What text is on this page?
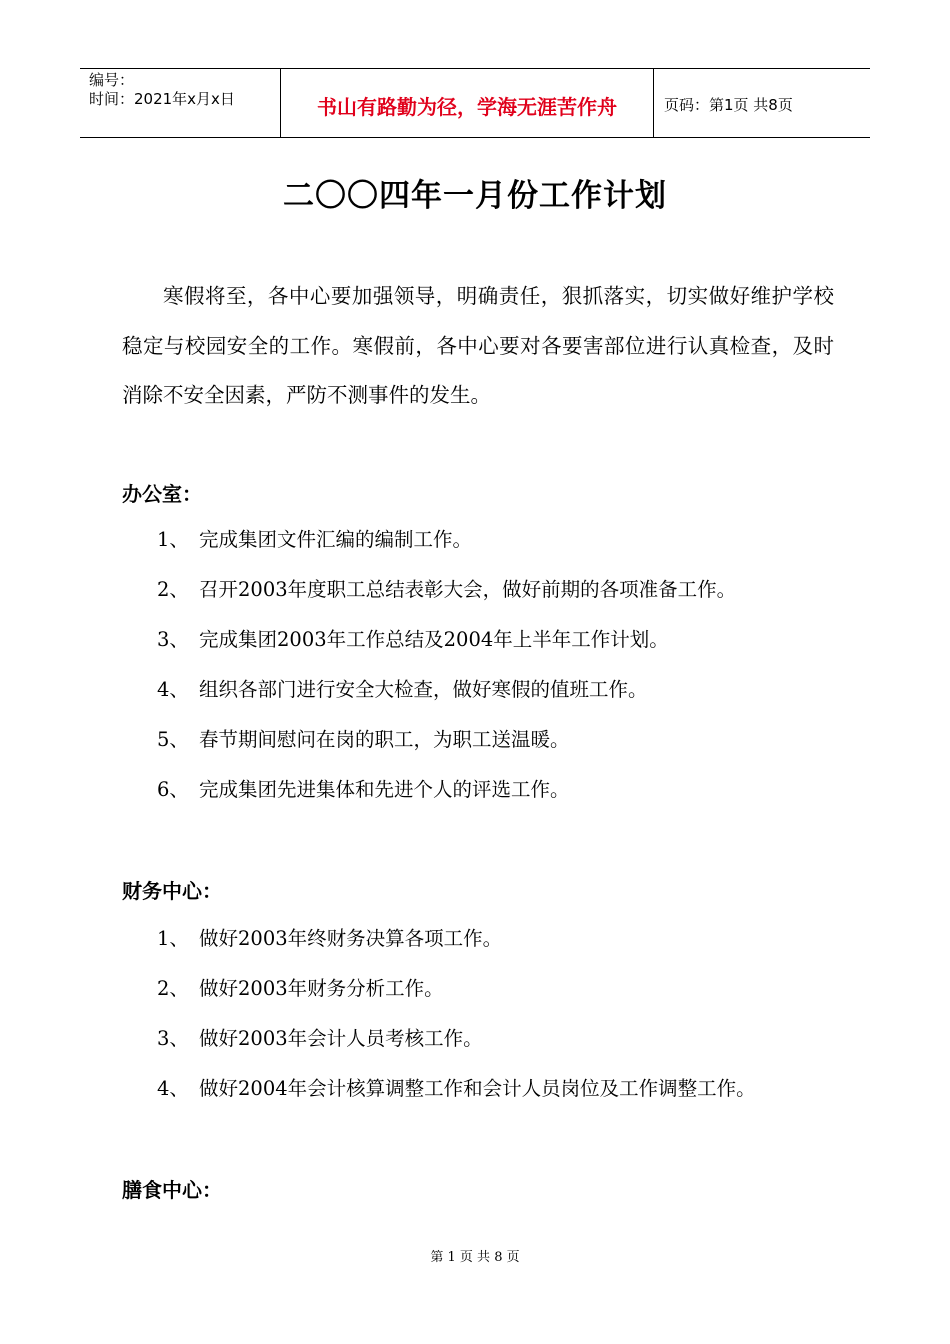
编号：
时间：2021年x月x日	书山有路勤为径，学海无涯苦作舟	页码：第1页 共8页
二〇〇四年一月份工作计划
寒假将至，各中心要加强领导，明确责任，狠抓落实，切实做好维护学校稳定与校园安全的工作。寒假前，各中心要对各要害部位进行认真检查，及时消除不安全因素，严防不测事件的发生。
办公室：
1、 完成集团文件汇编的编制工作。
2、 召开2003年度职工总结表彰大会，做好前期的各项准备工作。
3、 完成集团2003年工作总结及2004年上半年工作计划。
4、 组织各部门进行安全大检查，做好寒假的值班工作。
5、 春节期间慰问在岗的职工，为职工送温暖。
6、 完成集团先进集体和先进个人的评选工作。
财务中心：
1、 做好2003年终财务决算各项工作。
2、 做好2003年财务分析工作。
3、 做好2003年会计人员考核工作。
4、 做好2004年会计核算调整工作和会计人员岗位及工作调整工作。
膳食中心：
第 1 页 共 8 页
